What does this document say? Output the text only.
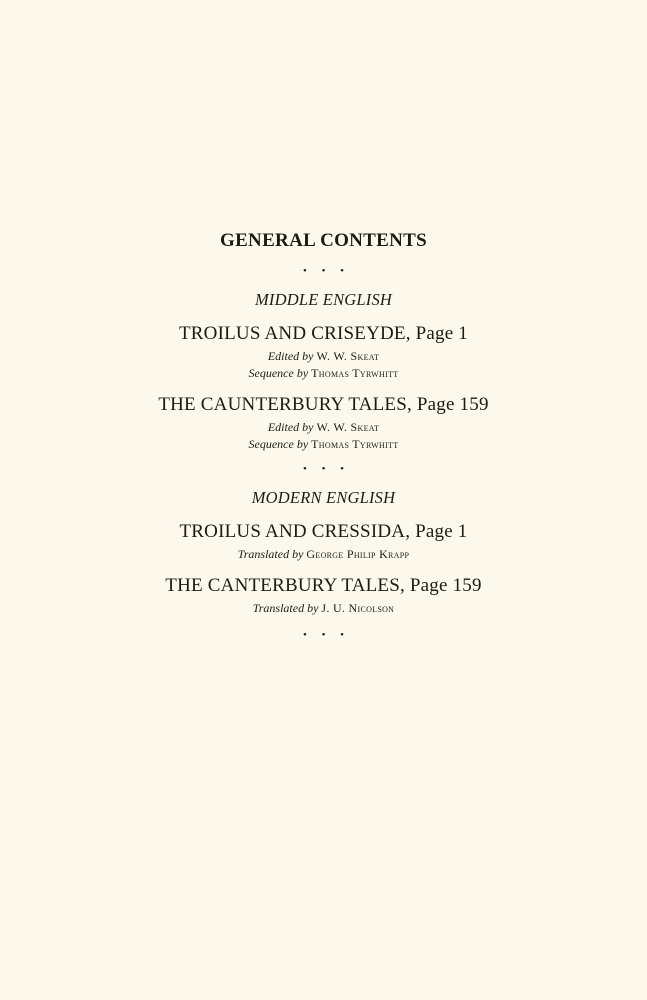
GENERAL CONTENTS
• • •
MIDDLE ENGLISH
TROILUS AND CRISEYDE, Page 1
Edited by W. W. Skeat
Sequence by Thomas Tyrwhitt
THE CAUNTERBURY TALES, Page 159
Edited by W. W. Skeat
Sequence by Thomas Tyrwhitt
• • •
MODERN ENGLISH
TROILUS AND CRESSIDA, Page 1
Translated by George Philip Krapp
THE CANTERBURY TALES, Page 159
Translated by J. U. Nicolson
• • •
